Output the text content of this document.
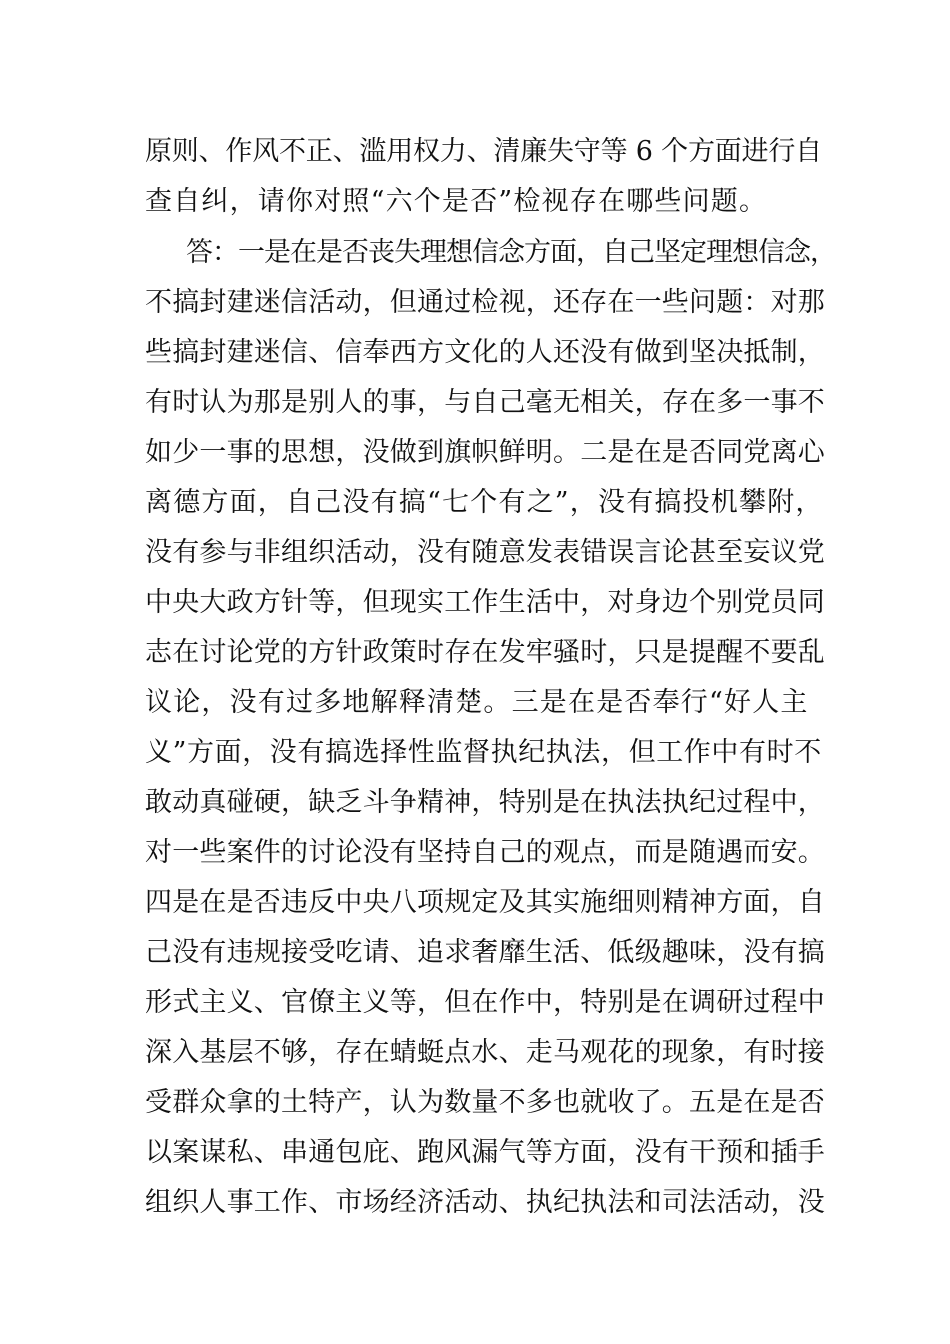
原则、作风不正、滥用权力、清廉失守等 6 个方面进行自
查自纠，请你对照“六个是否”检视存在哪些问题。
答：一是在是否丧失理想信念方面，自己坚定理想信念，
不搞封建迷信活动，但通过检视，还存在一些问题：对那
些搞封建迷信、信奉西方文化的人还没有做到坚决抵制，
有时认为那是别人的事，与自己毫无相关，存在多一事不
如少一事的思想，没做到旗帜鲜明。二是在是否同党离心
离德方面，自己没有搞“七个有之”，没有搞投机攀附，
没有参与非组织活动，没有随意发表错误言论甚至妄议党
中央大政方针等，但现实工作生活中，对身边个别党员同
志在讨论党的方针政策时存在发牢骚时，只是提醒不要乱
议论，没有过多地解释清楚。三是在是否奉行“好人主
义”方面，没有搞选择性监督执纪执法，但工作中有时不
敢动真碰硬，缺乏斗争精神，特别是在执法执纪过程中，
对一些案件的讨论没有坚持自己的观点，而是随遇而安。
四是在是否违反中央八项规定及其实施细则精神方面，自
己没有违规接受吃请、追求奢靡生活、低级趣味，没有搞
形式主义、官僚主义等，但在作中，特别是在调研过程中
深入基层不够，存在蜻蜓点水、走马观花的现象，有时接
受群众拿的土特产，认为数量不多也就收了。五是在是否
以案谋私、串通包庇、跑风漏气等方面，没有干预和插手
组织人事工作、市场经济活动、执纪执法和司法活动，没
